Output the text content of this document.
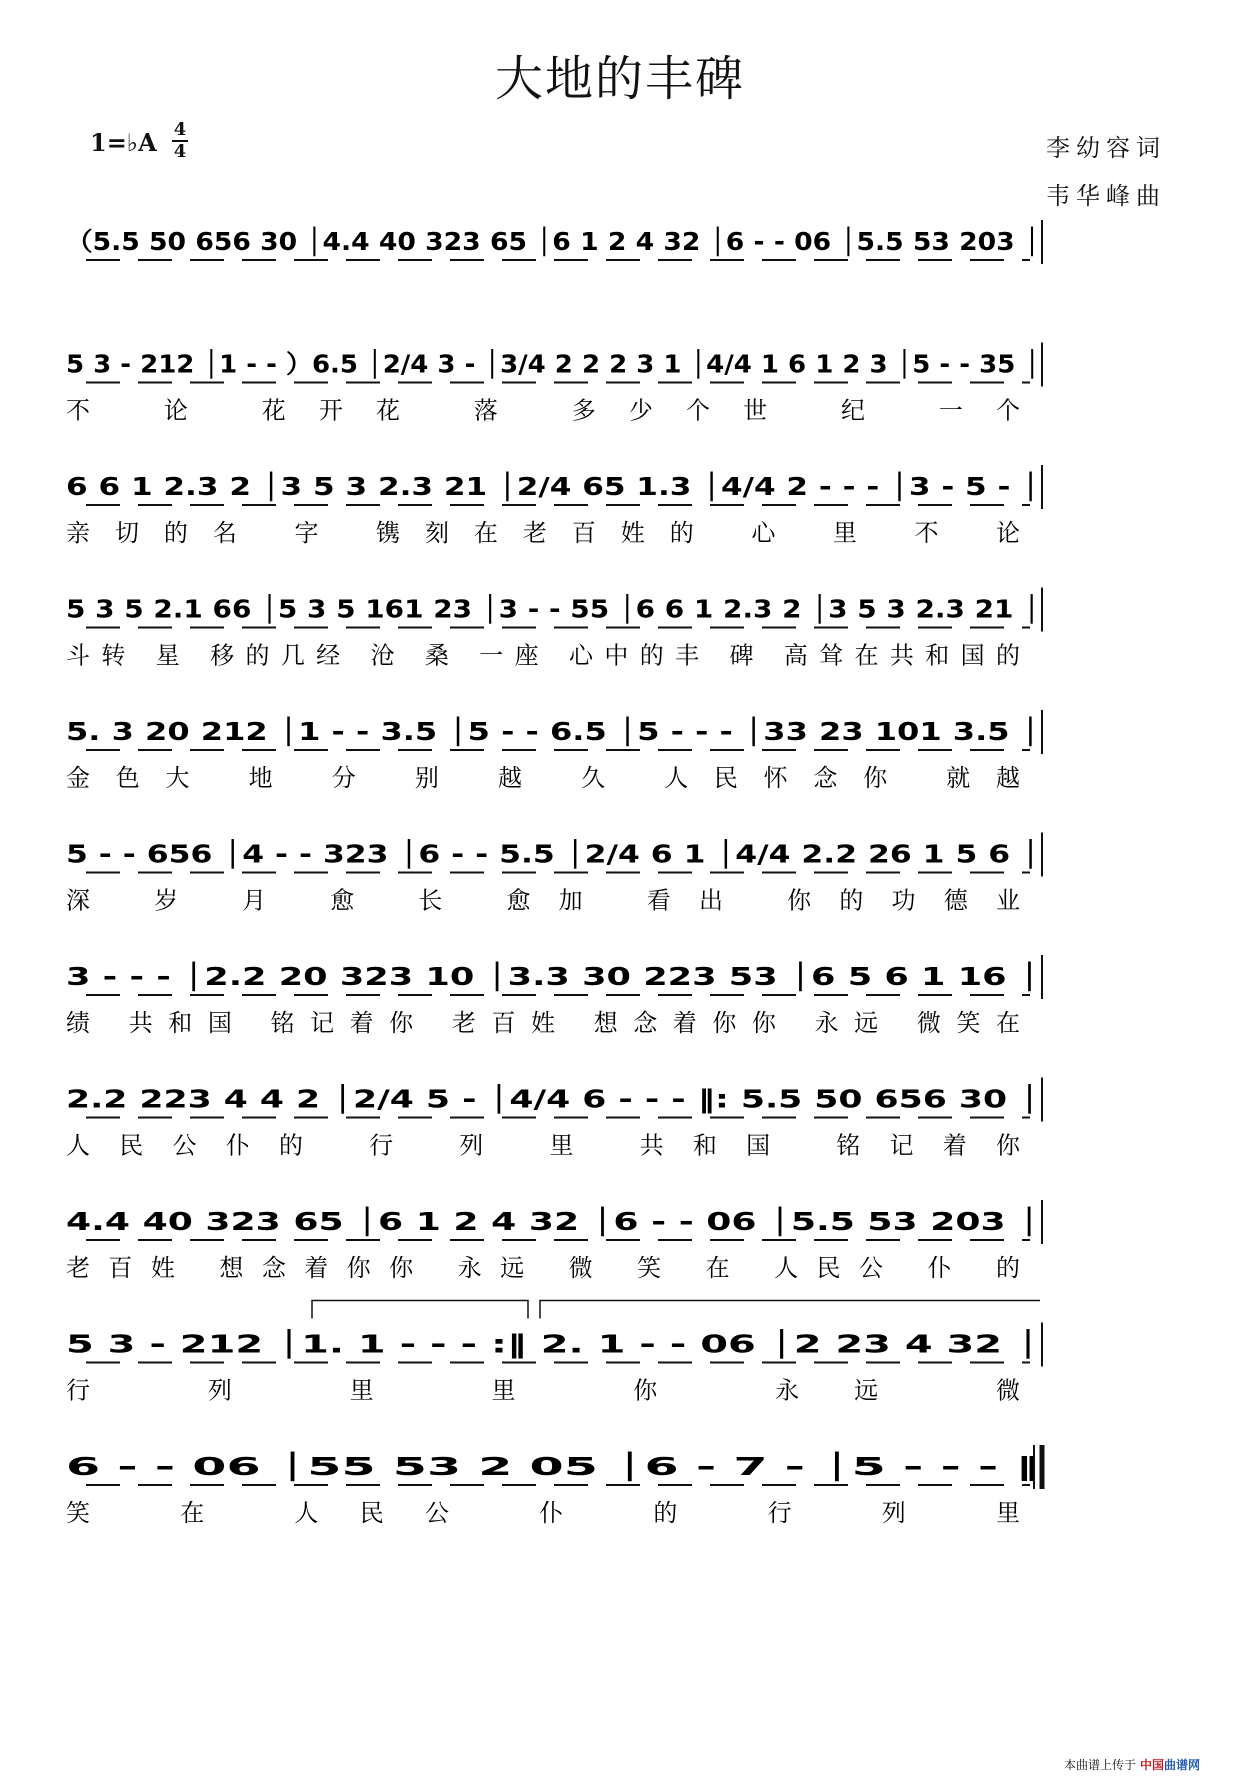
大地的丰碑
1=♭A 4
4	李幼容词
韦华峰曲
（5.5 50 656 30 │4.4 40 323 65 │6 1 2 4 32 │6 - - 06 │5.5 53 203 │
5 3 - 212 │1 - - ）6.5 │2/4 3 - │3/4 2 2 2 3 1 │4/4 1 6 1 2 3 │5 - - 35 │
不 论 花开花 落 多少个世 纪 一个
6 6 1 2.3 2 │3 5 3 2.3 21 │2/4 65 1.3 │4/4 2 - - - │3 - 5 - │
亲切的名 字 镌刻在老百姓的 心 里 不 论
5 3 5 2.1 66 │5 3 5 161 23 │3 - - 55 │6 6 1 2.3 2 │3 5 3 2.3 21 │
斗转 星 移的几经 沧 桑 一座 心中的丰 碑 高耸在共和国的
5. 3 20 212 │1 - - 3.5 │5 - - 6.5 │5 - - - │33 23 101 3.5 │
金色大 地 分 别 越 久 人民怀念你 就越
5 - - 656 │4 - - 323 │6 - - 5.5 │2/4 6 1 │4/4 2.2 26 1 5 6 │
深 岁 月 愈 长 愈加 看出 你的功德业
3 - - - │2.2 20 323 10 │3.3 30 223 53 │6 5 6 1 16 │
绩 共和国 铭记着你 老百姓 想念着你你 永远 微笑在
2.2 223 4 4 2 │2/4 5 - │4/4 6 - - - ‖: 5.5 50 656 30 │
人民公仆的 行 列 里 共和国 铭记着你
4.4 40 323 65 │6 1 2 4 32 │6 - - 06 │5.5 53 203 │
老百姓 想念着你你 永远 微 笑 在 人民公 仆 的
5 3 - 212 │1. 1 - - - :‖ 2. 1 - - 06 │2 23 4 32 │
行 列 里 里 你 永远 微
6 - - 06 │55 53 2 05 │6 - 7 - │5 - - - ‖
笑 在 人民公 仆 的 行 列 里
本曲谱上传于 中国曲谱网
